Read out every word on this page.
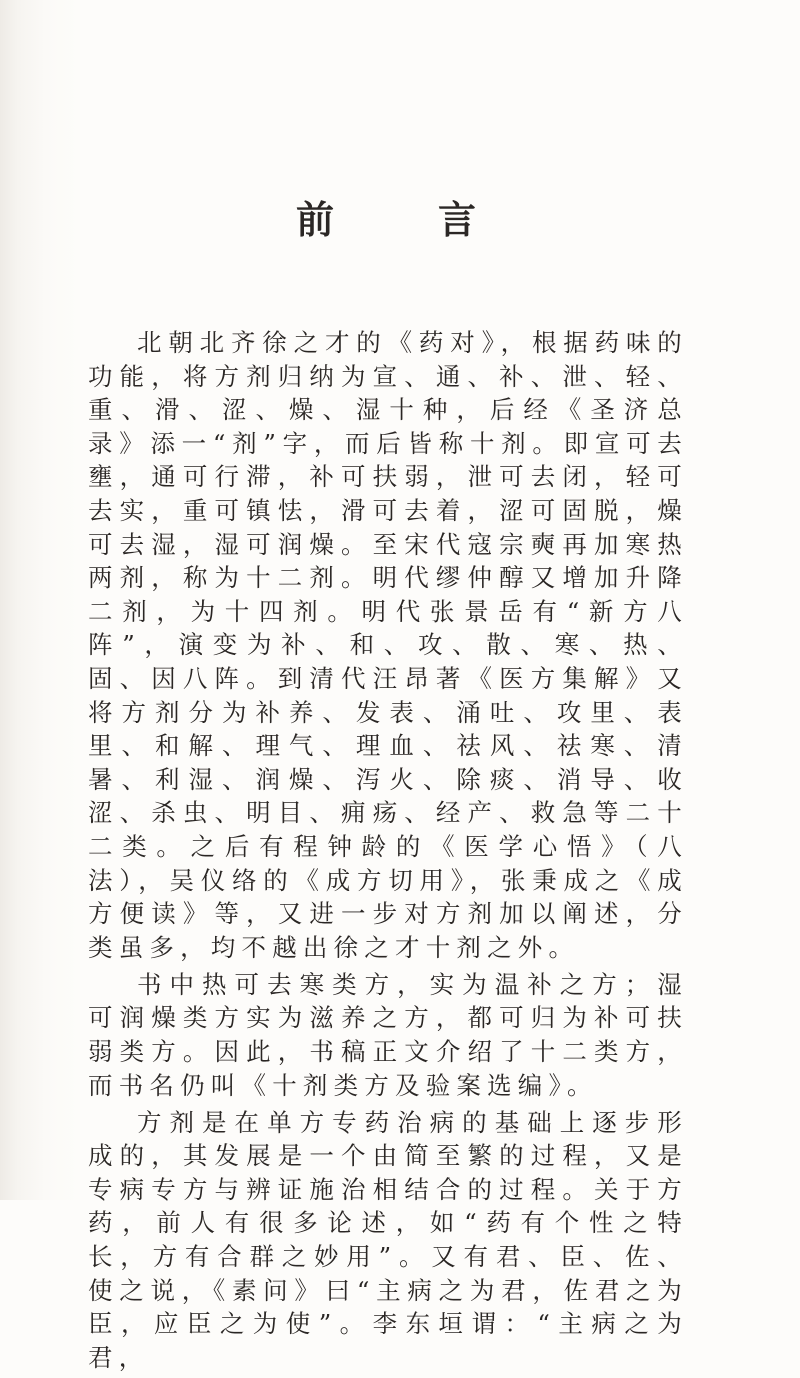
前	言

北朝北齐徐之才的《药对》，根据药味的功能，将方剂归纳为宣、通、补、泄、轻、重、滑、涩、燥、湿十种，后经《圣济总录》添一“剂”字，而后皆称十剂。即宣可去壅，通可行滞，补可扶弱，泄可去闭，轻可去实，重可镇怯，滑可去着，涩可固脱，燥可去湿，湿可润燥。至宋代寇宗奭再加寒热两剂，称为十二剂。明代缪仲醇又增加升降二剂，为十四剂。明代张景岳有“新方八阵”，演变为补、和、攻、散、寒、热、固、因八阵。到清代汪昂著《医方集解》又将方剂分为补养、发表、涌吐、攻里、表里、和解、理气、理血、祛风、祛寒、清暑、利湿、润燥、泻火、除痰、消导、收涩、杀虫、明目、痈疡、经产、救急等二十二类。之后有程钟龄的《医学心悟》（八法），吴仪络的《成方切用》，张秉成之《成方便读》等，又进一步对方剂加以阐述，分类虽多，均不越出徐之才十剂之外。

书中热可去寒类方，实为温补之方；湿可润燥类方实为滋养之方，都可归为补可扶弱类方。因此，书稿正文介绍了十二类方，而书名仍叫《十剂类方及验案选编》。

方剂是在单方专药治病的基础上逐步形成的，其发展是一个由简至繁的过程，又是专病专方与辨证施治相结合的过程。关于方药，前人有很多论述，如“药有个性之特长，方有合群之妙用”。又有君、臣、佐、使之说，《素问》曰“主病之为君，佐君之为臣，应臣之为使”。李东垣谓：“主病之为君，
